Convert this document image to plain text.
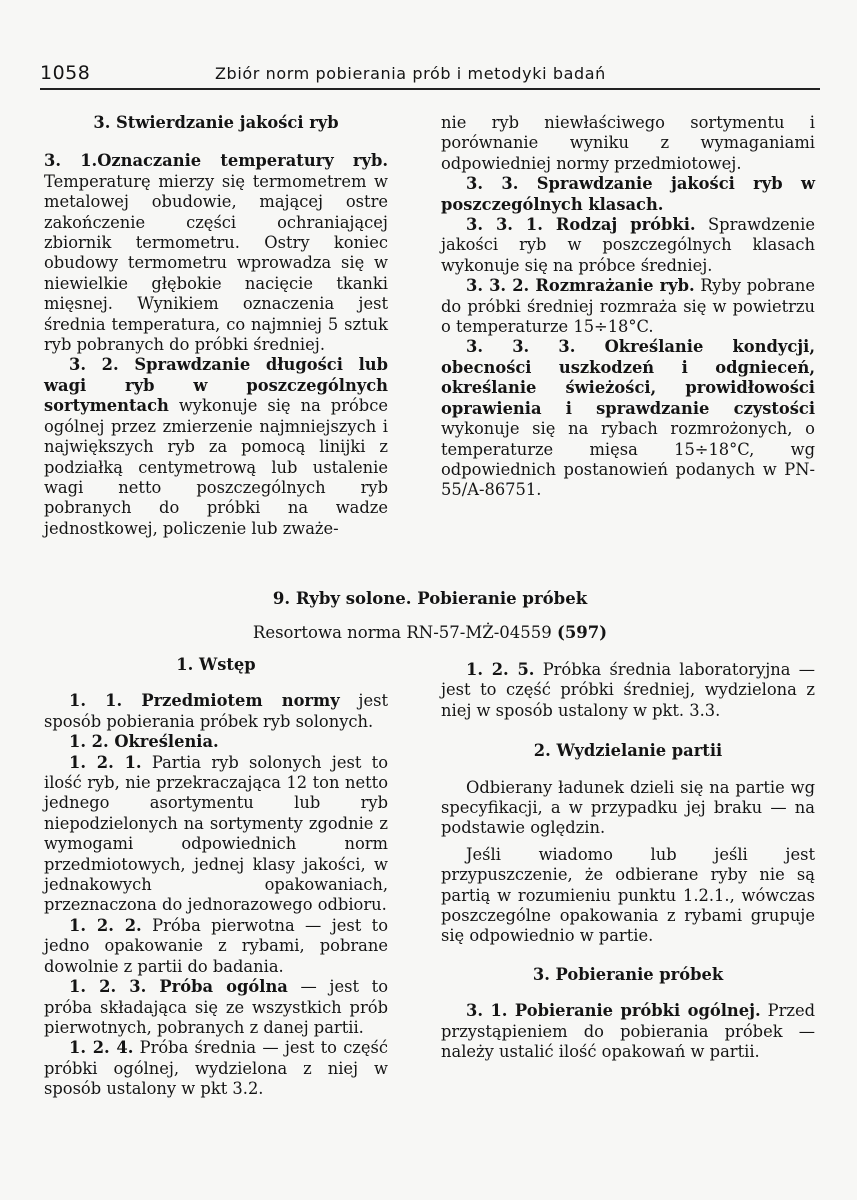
1058	Zbiór norm pobierania prób i metodyki badań

3. Stwierdzanie jakości ryb

3. 1.Oznaczanie temperatury ryb. Temperaturę mierzy się termometrem w metalowej obudowie, mającej ostre zakończenie części ochraniającej zbiornik termometru. Ostry koniec obudowy termometru wprowadza się w niewielkie głębokie nacięcie tkanki mięsnej. Wynikiem oznaczenia jest średnia temperatura, co najmniej 5 sztuk ryb pobranych do próbki średniej.

3. 2. Sprawdzanie długości lub wagi ryb w poszczególnych sortymentach wykonuje się na próbce ogólnej przez zmierzenie najmniejszych i największych ryb za pomocą linijki z podziałką centymetrową lub ustalenie wagi netto poszczególnych ryb pobranych do próbki na wadze jednostkowej, policzenie lub zważe-

nie ryb niewłaściwego sortymentu i porównanie wyniku z wymaganiami odpowiedniej normy przedmiotowej.

3. 3. Sprawdzanie jakości ryb w poszczególnych klasach.

3. 3. 1. Rodzaj próbki. Sprawdzenie jakości ryb w poszczególnych klasach wykonuje się na próbce średniej.

3. 3. 2. Rozmrażanie ryb. Ryby pobrane do próbki średniej rozmraża się w powietrzu o temperaturze 15÷18°C.

3. 3. 3. Określanie kondycji, obecności uszkodzeń i odgnieceń, określanie świeżości, prowidłowości oprawienia i sprawdzanie czystości wykonuje się na rybach rozmrożonych, o temperaturze mięsa 15÷18°C, wg odpowiednich postanowień podanych w PN-55/A-86751.

9. Ryby solone. Pobieranie próbek
Resortowa norma RN-57-MŻ-04559 (597)

1. Wstęp

1. 1. Przedmiotem normy jest sposób pobierania próbek ryb solonych.

1. 2. Określenia.

1. 2. 1. Partia ryb solonych jest to ilość ryb, nie przekraczająca 12 ton netto jednego asortymentu lub ryb niepodzielonych na sortymenty zgodnie z wymogami odpowiednich norm przedmiotowych, jednej klasy jakości, w jednakowych opakowaniach, przeznaczona do jednorazowego odbioru.

1. 2. 2. Próba pierwotna — jest to jedno opakowanie z rybami, pobrane dowolnie z partii do badania.

1. 2. 3. Próba ogólna — jest to próba składająca się ze wszystkich prób pierwotnych, pobranych z danej partii.

1. 2. 4. Próba średnia — jest to część próbki ogólnej, wydzielona z niej w sposób ustalony w pkt 3.2.

1. 2. 5. Próbka średnia laboratoryjna — jest to część próbki średniej, wydzielona z niej w sposób ustalony w pkt. 3.3.

2. Wydzielanie partii

Odbierany ładunek dzieli się na partie wg specyfikacji, a w przypadku jej braku — na podstawie oględzin.

Jeśli wiadomo lub jeśli jest przypuszczenie, że odbierane ryby nie są partią w rozumieniu punktu 1.2.1., wówczas poszczególne opakowania z rybami grupuje się odpowiednio w partie.

3. Pobieranie próbek

3. 1. Pobieranie próbki ogólnej. Przed przystąpieniem do pobierania próbek — należy ustalić ilość opakowań w partii.
